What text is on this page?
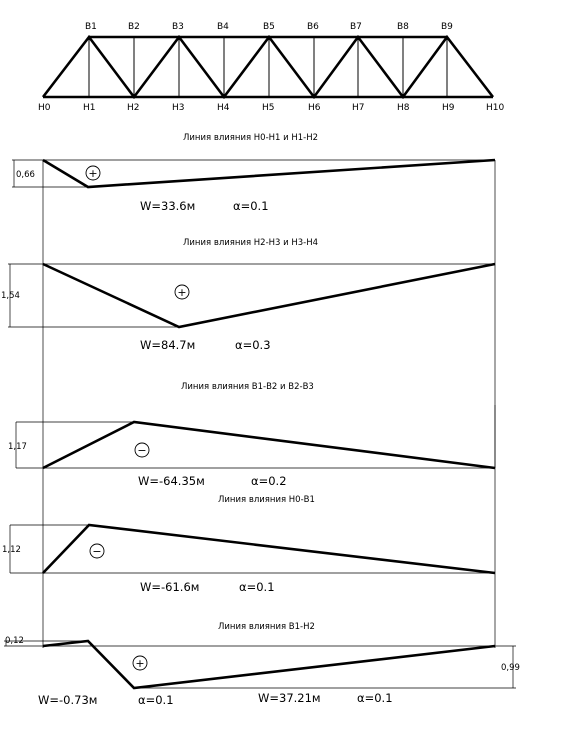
B1	B2	B3	B4	B5	B6	B7	B8	B9
H0	H1	H2	H3	H4	H5	H6	H7	H8	H9	H10
Линия влияния Н0-Н1 и Н1-Н2
0,66	+
W=33.6м	α=0.1
Линия влияния Н2-Н3 и Н3-Н4
1,54	+
W=84.7м	α=0.3
Линия влияния В1-В2 и В2-В3
1,17	−
W=-64.35м	α=0.2
Линия влияния Н0-В1
1,12	−
W=-61.6м	α=0.1
Линия влияния В1-Н2
0,12
0,99
+
W=-0.73м	α=0.1	W=37.21м	α=0.1
